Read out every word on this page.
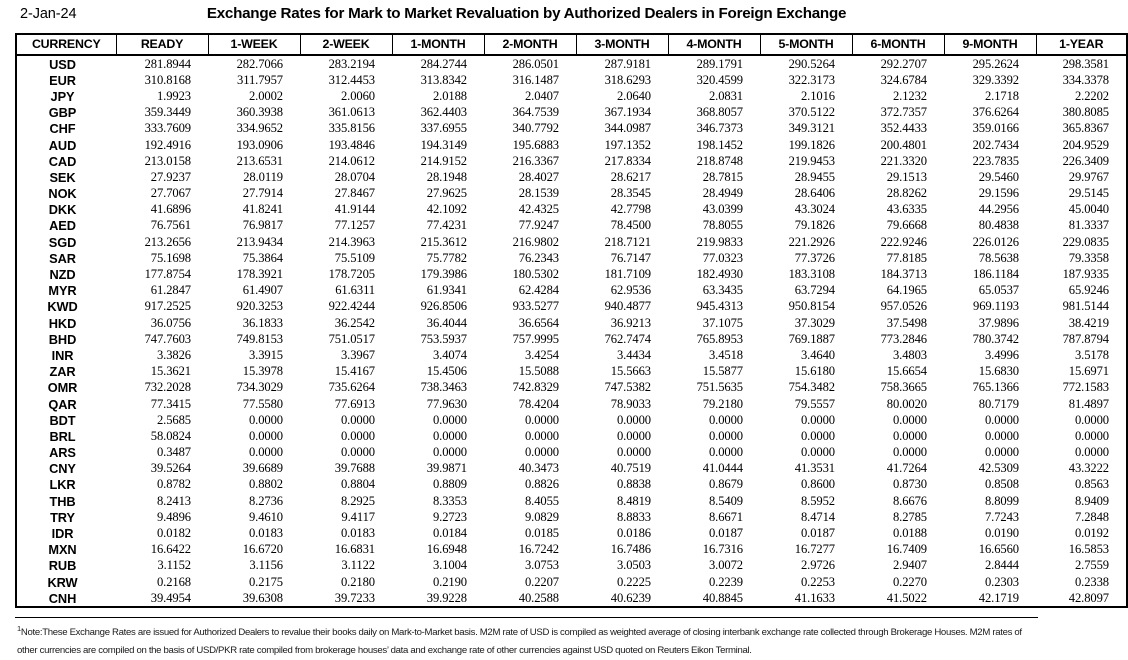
2-Jan-24	Exchange Rates for Mark to Market Revaluation by Authorized Dealers in Foreign Exchange
CURRENCY	READY	1-WEEK	2-WEEK	1-MONTH	2-MONTH	3-MONTH	4-MONTH	5-MONTH	6-MONTH	9-MONTH	1-YEAR
USD	281.8944	282.7066	283.2194	284.2744	286.0501	287.9181	289.1791	290.5264	292.2707	295.2624	298.3581
EUR	310.8168	311.7957	312.4453	313.8342	316.1487	318.6293	320.4599	322.3173	324.6784	329.3392	334.3378
JPY	1.9923	2.0002	2.0060	2.0188	2.0407	2.0640	2.0831	2.1016	2.1232	2.1718	2.2202
GBP	359.3449	360.3938	361.0613	362.4403	364.7539	367.1934	368.8057	370.5122	372.7357	376.6264	380.8085
CHF	333.7609	334.9652	335.8156	337.6955	340.7792	344.0987	346.7373	349.3121	352.4433	359.0166	365.8367
AUD	192.4916	193.0906	193.4846	194.3149	195.6883	197.1352	198.1452	199.1826	200.4801	202.7434	204.9529
CAD	213.0158	213.6531	214.0612	214.9152	216.3367	217.8334	218.8748	219.9453	221.3320	223.7835	226.3409
SEK	27.9237	28.0119	28.0704	28.1948	28.4027	28.6217	28.7815	28.9455	29.1513	29.5460	29.9767
NOK	27.7067	27.7914	27.8467	27.9625	28.1539	28.3545	28.4949	28.6406	28.8262	29.1596	29.5145
DKK	41.6896	41.8241	41.9144	42.1092	42.4325	42.7798	43.0399	43.3024	43.6335	44.2956	45.0040
AED	76.7561	76.9817	77.1257	77.4231	77.9247	78.4500	78.8055	79.1826	79.6668	80.4838	81.3337
SGD	213.2656	213.9434	214.3963	215.3612	216.9802	218.7121	219.9833	221.2926	222.9246	226.0126	229.0835
SAR	75.1698	75.3864	75.5109	75.7782	76.2343	76.7147	77.0323	77.3726	77.8185	78.5638	79.3358
NZD	177.8754	178.3921	178.7205	179.3986	180.5302	181.7109	182.4930	183.3108	184.3713	186.1184	187.9335
MYR	61.2847	61.4907	61.6311	61.9341	62.4284	62.9536	63.3435	63.7294	64.1965	65.0537	65.9246
KWD	917.2525	920.3253	922.4244	926.8506	933.5277	940.4877	945.4313	950.8154	957.0526	969.1193	981.5144
HKD	36.0756	36.1833	36.2542	36.4044	36.6564	36.9213	37.1075	37.3029	37.5498	37.9896	38.4219
BHD	747.7603	749.8153	751.0517	753.5937	757.9995	762.7474	765.8953	769.1887	773.2846	780.3742	787.8794
INR	3.3826	3.3915	3.3967	3.4074	3.4254	3.4434	3.4518	3.4640	3.4803	3.4996	3.5178
ZAR	15.3621	15.3978	15.4167	15.4506	15.5088	15.5663	15.5877	15.6180	15.6654	15.6830	15.6971
OMR	732.2028	734.3029	735.6264	738.3463	742.8329	747.5382	751.5635	754.3482	758.3665	765.1366	772.1583
QAR	77.3415	77.5580	77.6913	77.9630	78.4204	78.9033	79.2180	79.5557	80.0020	80.7179	81.4897
BDT	2.5685	0.0000	0.0000	0.0000	0.0000	0.0000	0.0000	0.0000	0.0000	0.0000	0.0000
BRL	58.0824	0.0000	0.0000	0.0000	0.0000	0.0000	0.0000	0.0000	0.0000	0.0000	0.0000
ARS	0.3487	0.0000	0.0000	0.0000	0.0000	0.0000	0.0000	0.0000	0.0000	0.0000	0.0000
CNY	39.5264	39.6689	39.7688	39.9871	40.3473	40.7519	41.0444	41.3531	41.7264	42.5309	43.3222
LKR	0.8782	0.8802	0.8804	0.8809	0.8826	0.8838	0.8679	0.8600	0.8730	0.8508	0.8563
THB	8.2413	8.2736	8.2925	8.3353	8.4055	8.4819	8.5409	8.5952	8.6676	8.8099	8.9409
TRY	9.4896	9.4610	9.4117	9.2723	9.0829	8.8833	8.6671	8.4714	8.2785	7.7243	7.2848
IDR	0.0182	0.0183	0.0183	0.0184	0.0185	0.0186	0.0187	0.0187	0.0188	0.0190	0.0192
MXN	16.6422	16.6720	16.6831	16.6948	16.7242	16.7486	16.7316	16.7277	16.7409	16.6560	16.5853
RUB	3.1152	3.1156	3.1122	3.1004	3.0753	3.0503	3.0072	2.9726	2.9407	2.8444	2.7559
KRW	0.2168	0.2175	0.2180	0.2190	0.2207	0.2225	0.2239	0.2253	0.2270	0.2303	0.2338
CNH	39.4954	39.6308	39.7233	39.9228	40.2588	40.6239	40.8845	41.1633	41.5022	42.1719	42.8097
$^1$Note:These Exchange Rates are issued for Authorized Dealers to revalue their books daily on Mark-to-Market basis. M2M rate of USD is compiled as weighted average of closing interbank exchange rate collected through Brokerage Houses. M2M rates of other currencies are compiled on the basis of USD/PKR rate compiled from brokerage houses’ data and exchange rate of other currencies against USD quoted on Reuters Eikon Terminal.
